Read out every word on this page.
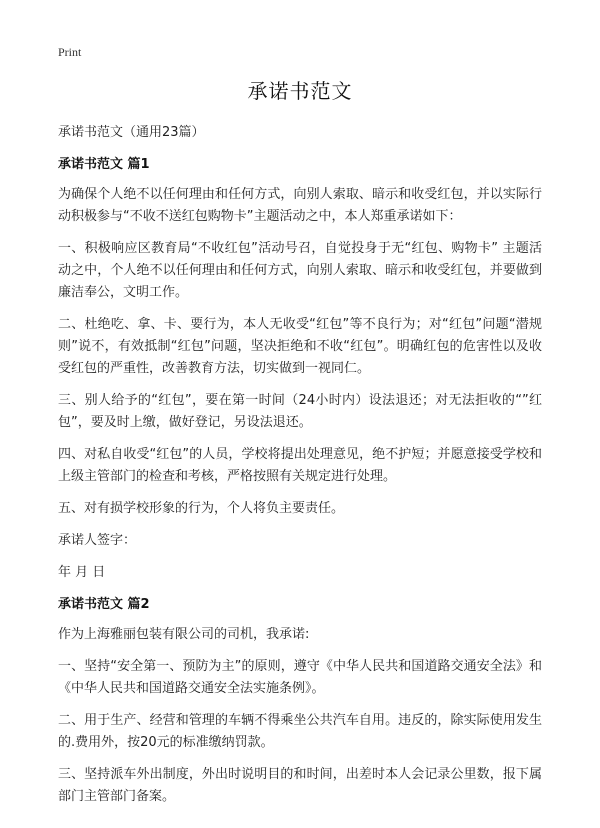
Print
承诺书范文

承诺书范文（通用23篇）

承诺书范文 篇1

为确保个人绝不以任何理由和任何方式，向别人索取、暗示和收受红包，并以实际行动积极参与“不收不送红包购物卡”主题活动之中，本人郑重承诺如下：

一、积极响应区教育局“不收红包”活动号召，自觉投身于无“红包、购物卡” 主题活动之中，个人绝不以任何理由和任何方式，向别人索取、暗示和收受红包，并要做到廉洁奉公，文明工作。

二、杜绝吃、拿、卡、要行为，本人无收受“红包”等不良行为；对“红包”问题“潜规则”说不，有效抵制“红包”问题，坚决拒绝和不收“红包”。明确红包的危害性以及收受红包的严重性，改善教育方法，切实做到一视同仁。

三、别人给予的“红包”，要在第一时间（24小时内）设法退还；对无法拒收的“”红包”，要及时上缴，做好登记，另设法退还。

四、对私自收受“红包”的人员，学校将提出处理意见，绝不护短；并愿意接受学校和上级主管部门的检查和考核，严格按照有关规定进行处理。

五、对有损学校形象的行为，个人将负主要责任。

承诺人签字：

年 月 日

承诺书范文 篇2

作为上海雅丽包装有限公司的司机，我承诺:

一、坚持“安全第一、预防为主”的原则，遵守《中华人民共和国道路交通安全法》和《中华人民共和国道路交通安全法实施条例》。

二、用于生产、经营和管理的车辆不得乘坐公共汽车自用。违反的，除实际使用发生的.费用外，按20元的标准缴纳罚款。

三、坚持派车外出制度，外出时说明目的和时间，出差时本人会记录公里数，报下属部门主管部门备案。
